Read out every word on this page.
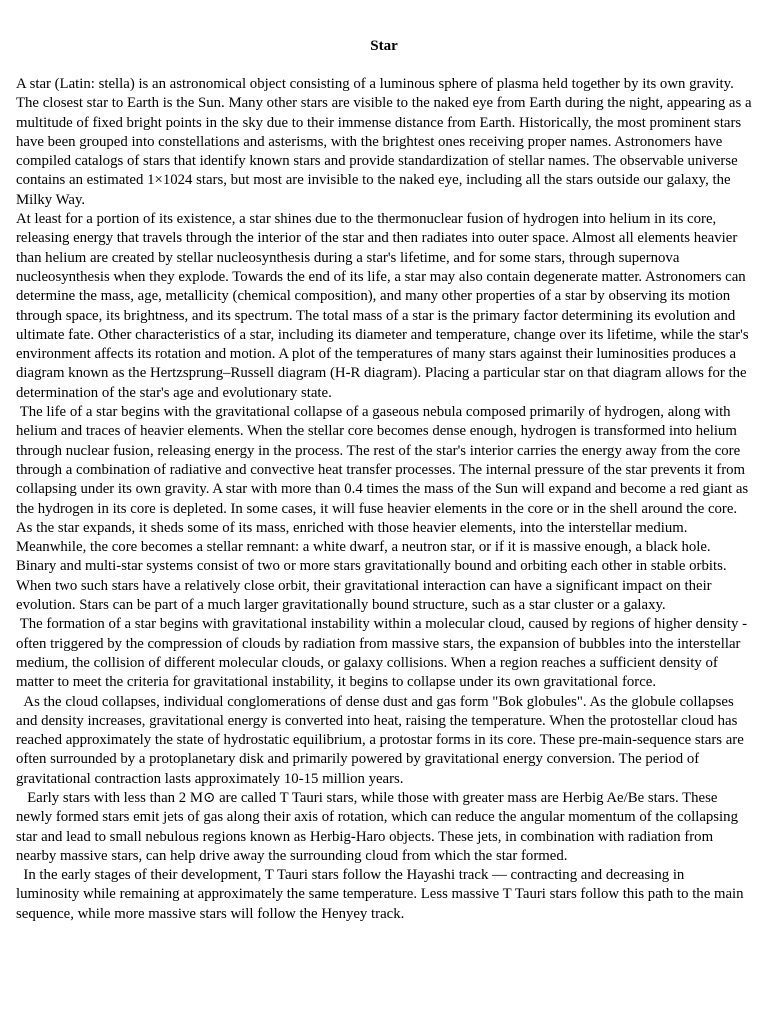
Star

A star (Latin: stella) is an astronomical object consisting of a luminous sphere of plasma held together by its own gravity.  The closest star to Earth is the Sun. Many other stars are visible to the naked eye from Earth during the night, appearing as a multitude of fixed bright points in the sky due to their immense distance from Earth. Historically, the most prominent stars have been grouped into constellations and asterisms, with the brightest ones receiving proper names. Astronomers have compiled catalogs of stars that identify known stars and provide standardization of stellar names. The observable universe contains an estimated 1×1024 stars, but most are invisible to the naked eye, including all the stars outside our galaxy, the Milky Way.

At least for a portion of its existence, a star shines due to the thermonuclear fusion of hydrogen into helium in its core, releasing energy that travels through the interior of the star and then radiates into outer space. Almost all elements heavier than helium are created by stellar nucleosynthesis during a star's lifetime, and for some stars, through supernova nucleosynthesis when they explode. Towards the end of its life, a star may also contain degenerate matter. Astronomers can determine the mass, age, metallicity (chemical composition), and many other properties of a star by observing its motion through space, its brightness, and its spectrum. The total mass of a star is the primary factor determining its evolution and ultimate fate. Other characteristics of a star, including its diameter and temperature, change over its lifetime, while the star's environment affects its rotation and motion. A plot of the temperatures of many stars against their luminosities produces a diagram known as the Hertzsprung–Russell diagram (H-R diagram). Placing a particular star on that diagram allows for the determination of the star's age and evolutionary state.

The life of a star begins with the gravitational collapse of a gaseous nebula composed primarily of hydrogen, along with helium and traces of heavier elements. When the stellar core becomes dense enough, hydrogen is transformed into helium through nuclear fusion, releasing energy in the process. The rest of the star's interior carries the energy away from the core through a combination of radiative and convective heat transfer processes. The internal pressure of the star prevents it from collapsing under its own gravity. A star with more than 0.4 times the mass of the Sun will expand and become a red giant as the hydrogen in its core is depleted. In some cases, it will fuse heavier elements in the core or in the shell around the core. As the star expands, it sheds some of its mass, enriched with those heavier elements, into the interstellar medium. Meanwhile, the core becomes a stellar remnant: a white dwarf, a neutron star, or if it is massive enough, a black hole.

Binary and multi-star systems consist of two or more stars gravitationally bound and orbiting each other in stable orbits. When two such stars have a relatively close orbit, their gravitational interaction can have a significant impact on their evolution. Stars can be part of a much larger gravitationally bound structure, such as a star cluster or a galaxy.

The formation of a star begins with gravitational instability within a molecular cloud, caused by regions of higher density - often triggered by the compression of clouds by radiation from massive stars, the expansion of bubbles into the interstellar medium, the collision of different molecular clouds, or galaxy collisions. When a region reaches a sufficient density of matter to meet the criteria for gravitational instability, it begins to collapse under its own gravitational force.

As the cloud collapses, individual conglomerations of dense dust and gas form "Bok globules". As the globule collapses and density increases, gravitational energy is converted into heat, raising the temperature. When the protostellar cloud has reached approximately the state of hydrostatic equilibrium, a protostar forms in its core. These pre-main-sequence stars are often surrounded by a protoplanetary disk and primarily powered by gravitational energy conversion. The period of gravitational contraction lasts approximately 10-15 million years.

Early stars with less than 2 M⊙ are called T Tauri stars, while those with greater mass are Herbig Ae/Be stars. These newly formed stars emit jets of gas along their axis of rotation, which can reduce the angular momentum of the collapsing star and lead to small nebulous regions known as Herbig-Haro objects. These jets, in combination with radiation from nearby massive stars, can help drive away the surrounding cloud from which the star formed.

In the early stages of their development, T Tauri stars follow the Hayashi track — contracting and decreasing in luminosity while remaining at approximately the same temperature. Less massive T Tauri stars follow this path to the main sequence, while more massive stars will follow the Henyey track.
